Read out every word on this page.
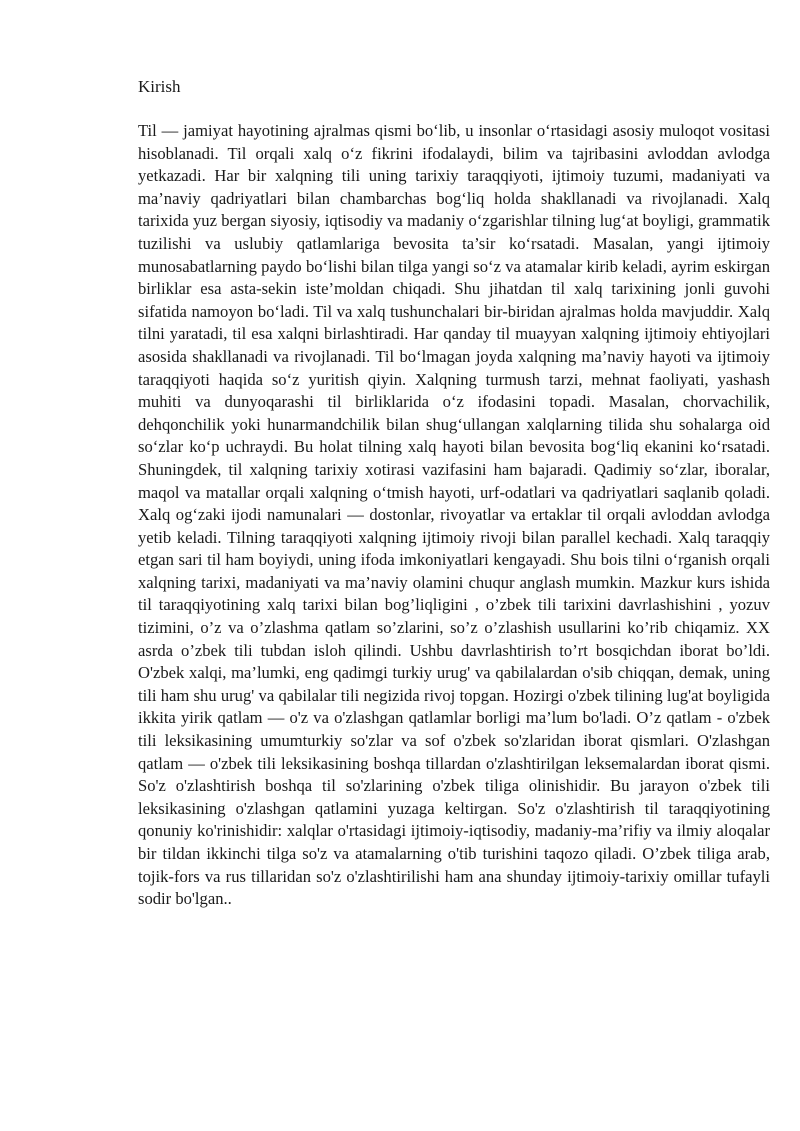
Kirish

Til — jamiyat hayotining ajralmas qismi bo‘lib, u insonlar o‘rtasidagi asosiy muloqot vositasi hisoblanadi. Til orqali xalq o‘z fikrini ifodalaydi, bilim va tajribasini avloddan avlodga yetkazadi. Har bir xalqning tili uning tarixiy taraqqiyoti, ijtimoiy tuzumi, madaniyati va ma’naviy qadriyatlari bilan chambarchas bog‘liq holda shakllanadi va rivojlanadi. Xalq tarixida yuz bergan siyosiy, iqtisodiy va madaniy o‘zgarishlar tilning lug‘at boyligi, grammatik tuzilishi va uslubiy qatlamlariga bevosita ta’sir ko‘rsatadi. Masalan, yangi ijtimoiy munosabatlarning paydo bo‘lishi bilan tilga yangi so‘z va atamalar kirib keladi, ayrim eskirgan birliklar esa asta-sekin iste’moldan chiqadi. Shu jihatdan til xalq tarixining jonli guvohi sifatida namoyon bo‘ladi. Til va xalq tushunchalari bir-biridan ajralmas holda mavjuddir. Xalq tilni yaratadi, til esa xalqni birlashtiradi. Har qanday til muayyan xalqning ijtimoiy ehtiyojlari asosida shakllanadi va rivojlanadi. Til bo‘lmagan joyda xalqning ma’naviy hayoti va ijtimoiy taraqqiyoti haqida so‘z yuritish qiyin. Xalqning turmush tarzi, mehnat faoliyati, yashash muhiti va dunyoqarashi til birliklarida o‘z ifodasini topadi. Masalan, chorvachilik, dehqonchilik yoki hunarmandchilik bilan shug‘ullangan xalqlarning tilida shu sohalarga oid so‘zlar ko‘p uchraydi. Bu holat tilning xalq hayoti bilan bevosita bog‘liq ekanini ko‘rsatadi. Shuningdek, til xalqning tarixiy xotirasi vazifasini ham bajaradi. Qadimiy so‘zlar, iboralar, maqol va matallar orqali xalqning o‘tmish hayoti, urf-odatlari va qadriyatlari saqlanib qoladi. Xalq og‘zaki ijodi namunalari — dostonlar, rivoyatlar va ertaklar til orqali avloddan avlodga yetib keladi. Tilning taraqqiyoti xalqning ijtimoiy rivoji bilan parallel kechadi. Xalq taraqqiy etgan sari til ham boyiydi, uning ifoda imkoniyatlari kengayadi. Shu bois tilni o‘rganish orqali xalqning tarixi, madaniyati va ma’naviy olamini chuqur anglash mumkin. Mazkur kurs ishida til taraqqiyotining xalq tarixi bilan bog’liqligini , o’zbek tili tarixini davrlashishini , yozuv tizimini, o’z va o’zlashma qatlam so’zlarini, so’z o’zlashish usullarini ko’rib chiqamiz. XX asrda o’zbek tili tubdan isloh qilindi. Ushbu davrlashtirish to’rt bosqichdan iborat bo’ldi. O'zbek xalqi, ma’lumki, eng qadimgi turkiy urug' va qabilalardan o'sib chiqqan, demak, uning tili ham shu urug' va qabilalar tili negizida rivoj topgan. Hozirgi o'zbek tilining lug'at boyligida ikkita yirik qatlam — o'z va o'zlashgan qatlamlar borligi ma’lum bo'ladi. O’z qatlam - o'zbek tili leksikasining umumturkiy so'zlar va sof o'zbek so'zlaridan iborat qismlari. O'zlashgan qatlam — o'zbek tili leksikasining boshqa tillardan o'zlashtirilgan leksemalardan iborat qismi. So'z o'zlashtirish boshqa til so'zlarining o'zbek tiliga olinishidir. Bu jarayon o'zbek tili leksikasining o'zlashgan qatlamini yuzaga keltirgan. So'z o'zlashtirish til taraqqiyotining qonuniy ko'rinishidir: xalqlar o'rtasidagi ijtimoiy-iqtisodiy, madaniy-ma’rifiy va ilmiy aloqalar bir tildan ikkinchi tilga so'z va atamalarning o'tib turishini taqozo qiladi. O’zbek tiliga arab, tojik-fors va rus tillaridan so'z o'zlashtirilishi ham ana shunday ijtimoiy-tarixiy omillar tufayli sodir bo'lgan..
